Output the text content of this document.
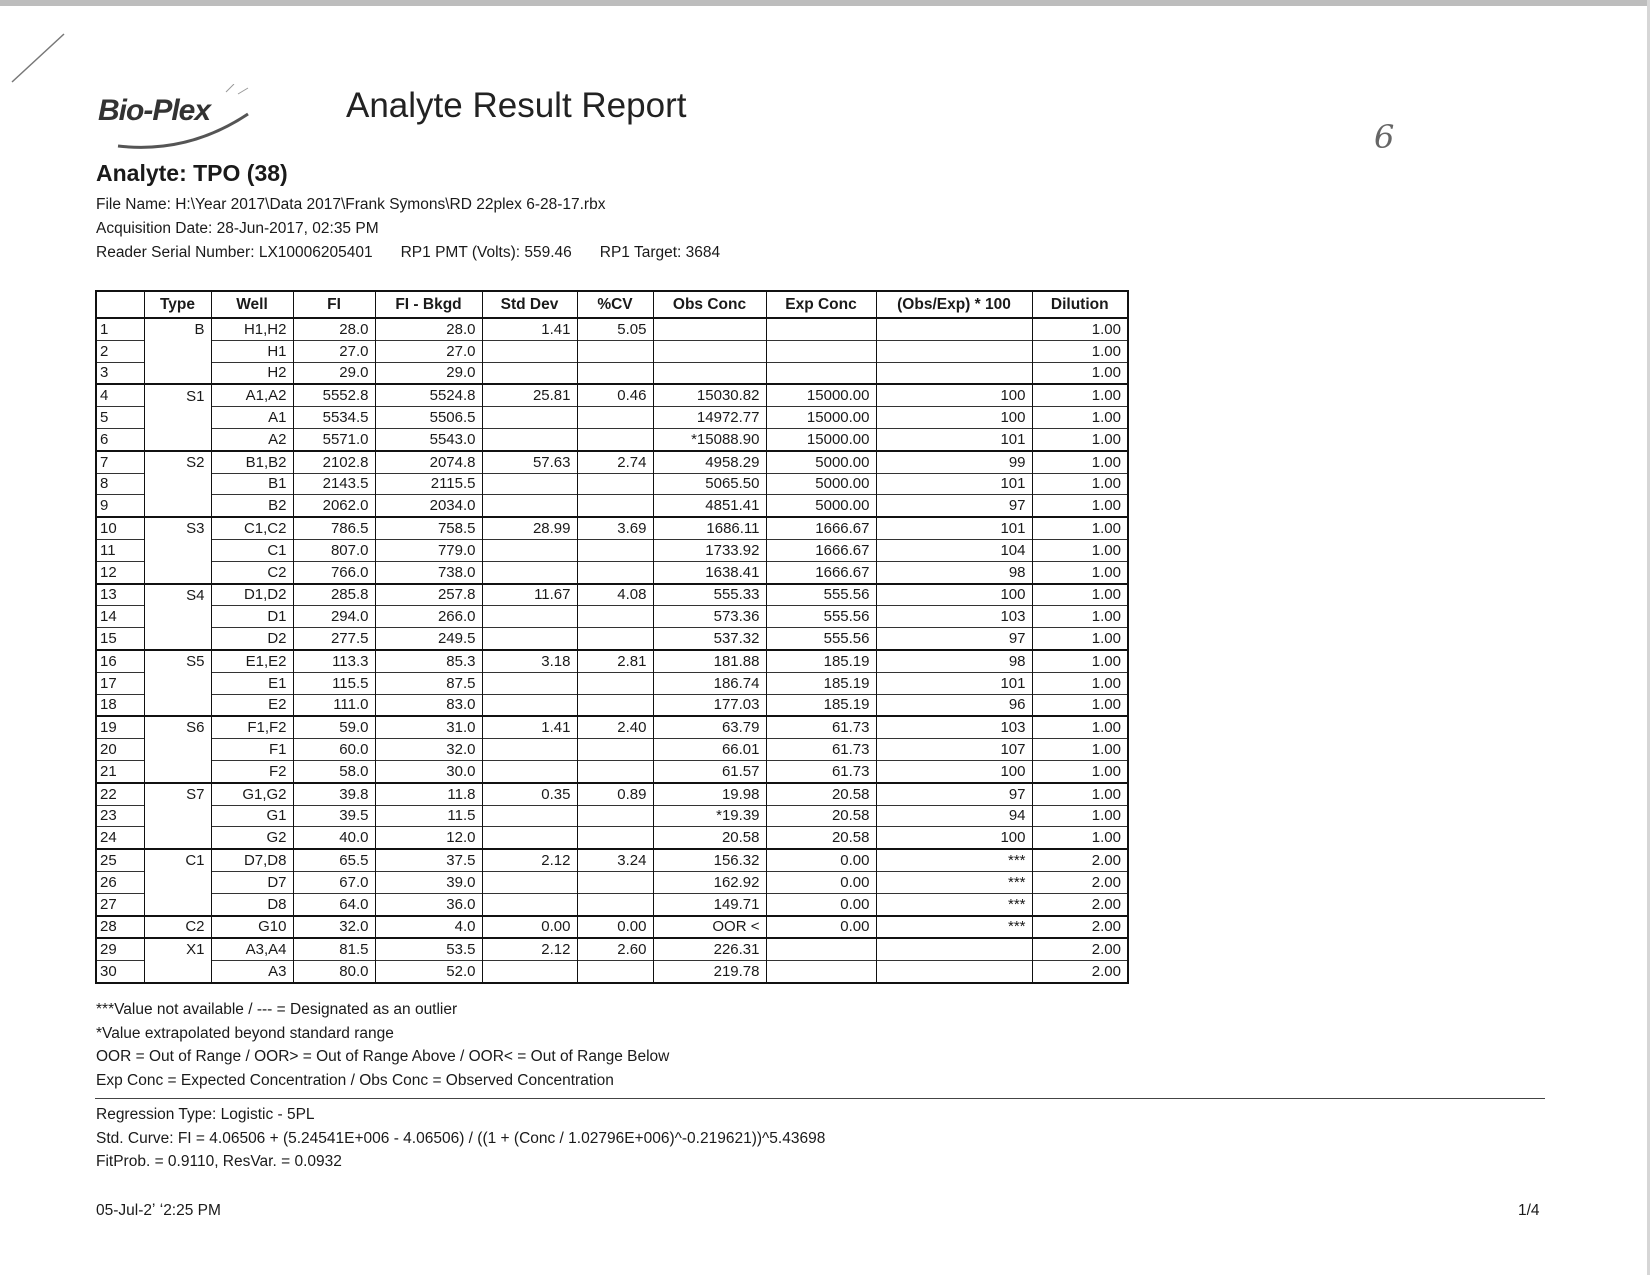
Bio-Plex	Analyte Result Report
6
Analyte: TPO (38)
File Name: H:\Year 2017\Data 2017\Frank Symons\RD 22plex 6-28-17.rbx
Acquisition Date: 28-Jun-2017, 02:35 PM
Reader Serial Number: LX10006205401 RP1 PMT (Volts): 559.46 RP1 Target: 3684
	Type	Well	FI	FI - Bkgd	Std Dev	%CV	Obs Conc	Exp Conc	(Obs/Exp) * 100	Dilution
1	B	H1,H2	28.0	28.0	1.41	5.05				1.00
2		H1	27.0	27.0						1.00
3		H2	29.0	29.0						1.00
4	S1	A1,A2	5552.8	5524.8	25.81	0.46	15030.82	15000.00	100	1.00
5		A1	5534.5	5506.5			14972.77	15000.00	100	1.00
6		A2	5571.0	5543.0			*15088.90	15000.00	101	1.00
7	S2	B1,B2	2102.8	2074.8	57.63	2.74	4958.29	5000.00	99	1.00
8		B1	2143.5	2115.5			5065.50	5000.00	101	1.00
9		B2	2062.0	2034.0			4851.41	5000.00	97	1.00
10	S3	C1,C2	786.5	758.5	28.99	3.69	1686.11	1666.67	101	1.00
11		C1	807.0	779.0			1733.92	1666.67	104	1.00
12		C2	766.0	738.0			1638.41	1666.67	98	1.00
13	S4	D1,D2	285.8	257.8	11.67	4.08	555.33	555.56	100	1.00
14		D1	294.0	266.0			573.36	555.56	103	1.00
15		D2	277.5	249.5			537.32	555.56	97	1.00
16	S5	E1,E2	113.3	85.3	3.18	2.81	181.88	185.19	98	1.00
17		E1	115.5	87.5			186.74	185.19	101	1.00
18		E2	111.0	83.0			177.03	185.19	96	1.00
19	S6	F1,F2	59.0	31.0	1.41	2.40	63.79	61.73	103	1.00
20		F1	60.0	32.0			66.01	61.73	107	1.00
21		F2	58.0	30.0			61.57	61.73	100	1.00
22	S7	G1,G2	39.8	11.8	0.35	0.89	19.98	20.58	97	1.00
23		G1	39.5	11.5			*19.39	20.58	94	1.00
24		G2	40.0	12.0			20.58	20.58	100	1.00
25	C1	D7,D8	65.5	37.5	2.12	3.24	156.32	0.00	***	2.00
26		D7	67.0	39.0			162.92	0.00	***	2.00
27		D8	64.0	36.0			149.71	0.00	***	2.00
28	C2	G10	32.0	4.0	0.00	0.00	OOR <	0.00	***	2.00
29	X1	A3,A4	81.5	53.5	2.12	2.60	226.31			2.00
30		A3	80.0	52.0			219.78			2.00
***Value not available / --- = Designated as an outlier
*Value extrapolated beyond standard range
OOR = Out of Range / OOR> = Out of Range Above / OOR< = Out of Range Below
Exp Conc = Expected Concentration / Obs Conc = Observed Concentration
Regression Type: Logistic - 5PL
Std. Curve: FI = 4.06506 + (5.24541E+006 - 4.06506) / ((1 + (Conc / 1.02796E+006)^-0.219621))^5.43698
FitProb. = 0.9110, ResVar. = 0.0932
05-Jul-2ʼ ʻ2:25 PM	1/4
